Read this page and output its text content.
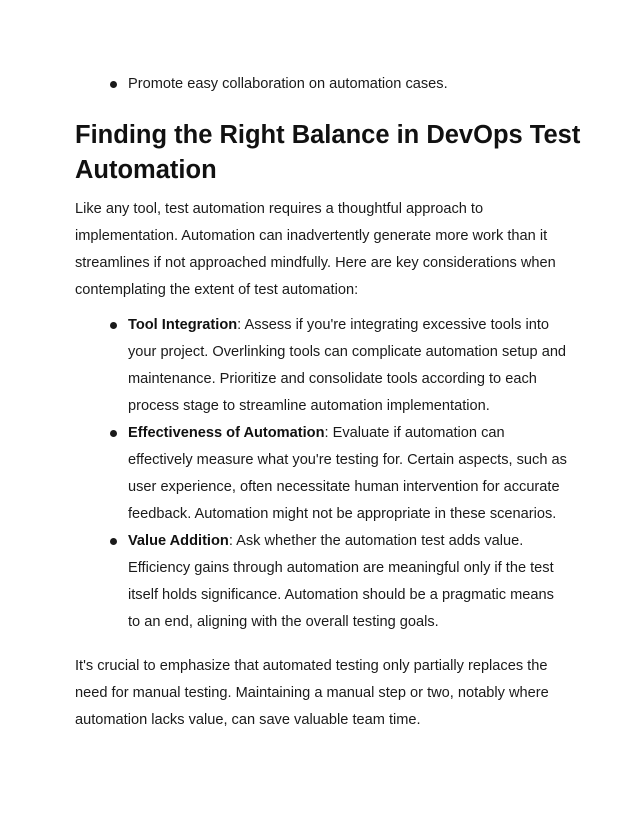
Promote easy collaboration on automation cases.
Finding the Right Balance in DevOps Test Automation

Like any tool, test automation requires a thoughtful approach to implementation. Automation can inadvertently generate more work than it streamlines if not approached mindfully. Here are key considerations when contemplating the extent of test automation:

Tool Integration: Assess if you're integrating excessive tools into your project. Overlinking tools can complicate automation setup and maintenance. Prioritize and consolidate tools according to each process stage to streamline automation implementation.
Effectiveness of Automation: Evaluate if automation can effectively measure what you're testing for. Certain aspects, such as user experience, often necessitate human intervention for accurate feedback. Automation might not be appropriate in these scenarios.
Value Addition: Ask whether the automation test adds value. Efficiency gains through automation are meaningful only if the test itself holds significance. Automation should be a pragmatic means to an end, aligning with the overall testing goals.

It's crucial to emphasize that automated testing only partially replaces the need for manual testing. Maintaining a manual step or two, notably where automation lacks value, can save valuable team time.
